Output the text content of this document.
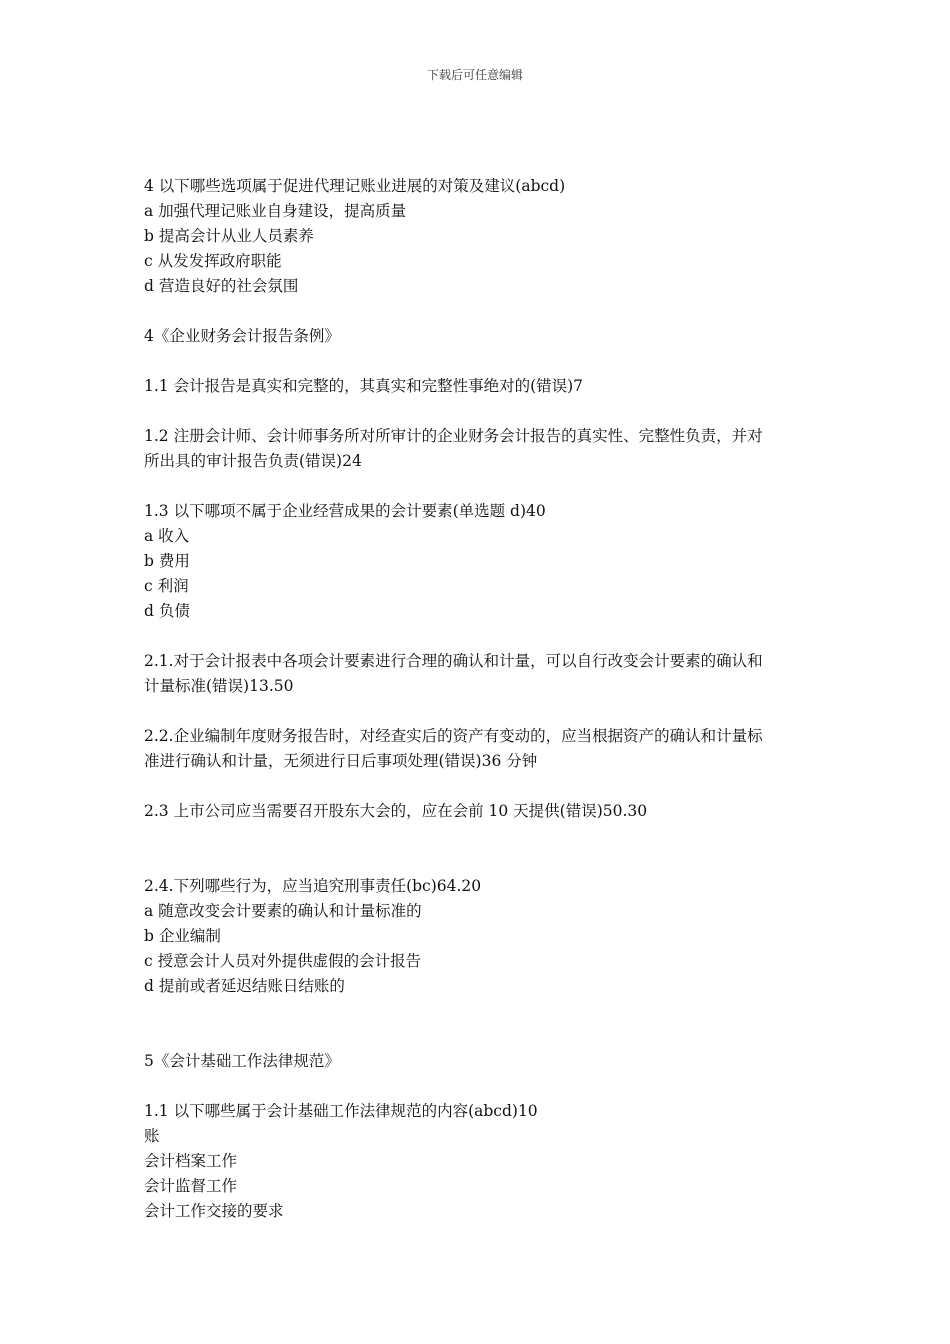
下载后可任意编辑

4 以下哪些选项属于促进代理记账业进展的对策及建议(abcd)

a 加强代理记账业自身建设，提高质量

b 提高会计从业人员素养

c 从发发挥政府职能

d 营造良好的社会氛围

4《企业财务会计报告条例》

1.1 会计报告是真实和完整的，其真实和完整性事绝对的(错误)7

1.2 注册会计师、会计师事务所对所审计的企业财务会计报告的真实性、完整性负责，并对

所出具的审计报告负责(错误)24

1.3 以下哪项不属于企业经营成果的会计要素(单选题 d)40

a 收入

b 费用

c 利润

d 负债

2.1.对于会计报表中各项会计要素进行合理的确认和计量，可以自行改变会计要素的确认和

计量标准(错误)13.50

2.2.企业编制年度财务报告时，对经查实后的资产有变动的，应当根据资产的确认和计量标

准进行确认和计量，无须进行日后事项处理(错误)36 分钟

2.3 上市公司应当需要召开股东大会的，应在会前 10 天提供(错误)50.30

2.4.下列哪些行为，应当追究刑事责任(bc)64.20

a 随意改变会计要素的确认和计量标准的

b 企业编制

c 授意会计人员对外提供虚假的会计报告

d 提前或者延迟结账日结账的

5《会计基础工作法律规范》

1.1 以下哪些属于会计基础工作法律规范的内容(abcd)10

账

会计档案工作

会计监督工作

会计工作交接的要求
